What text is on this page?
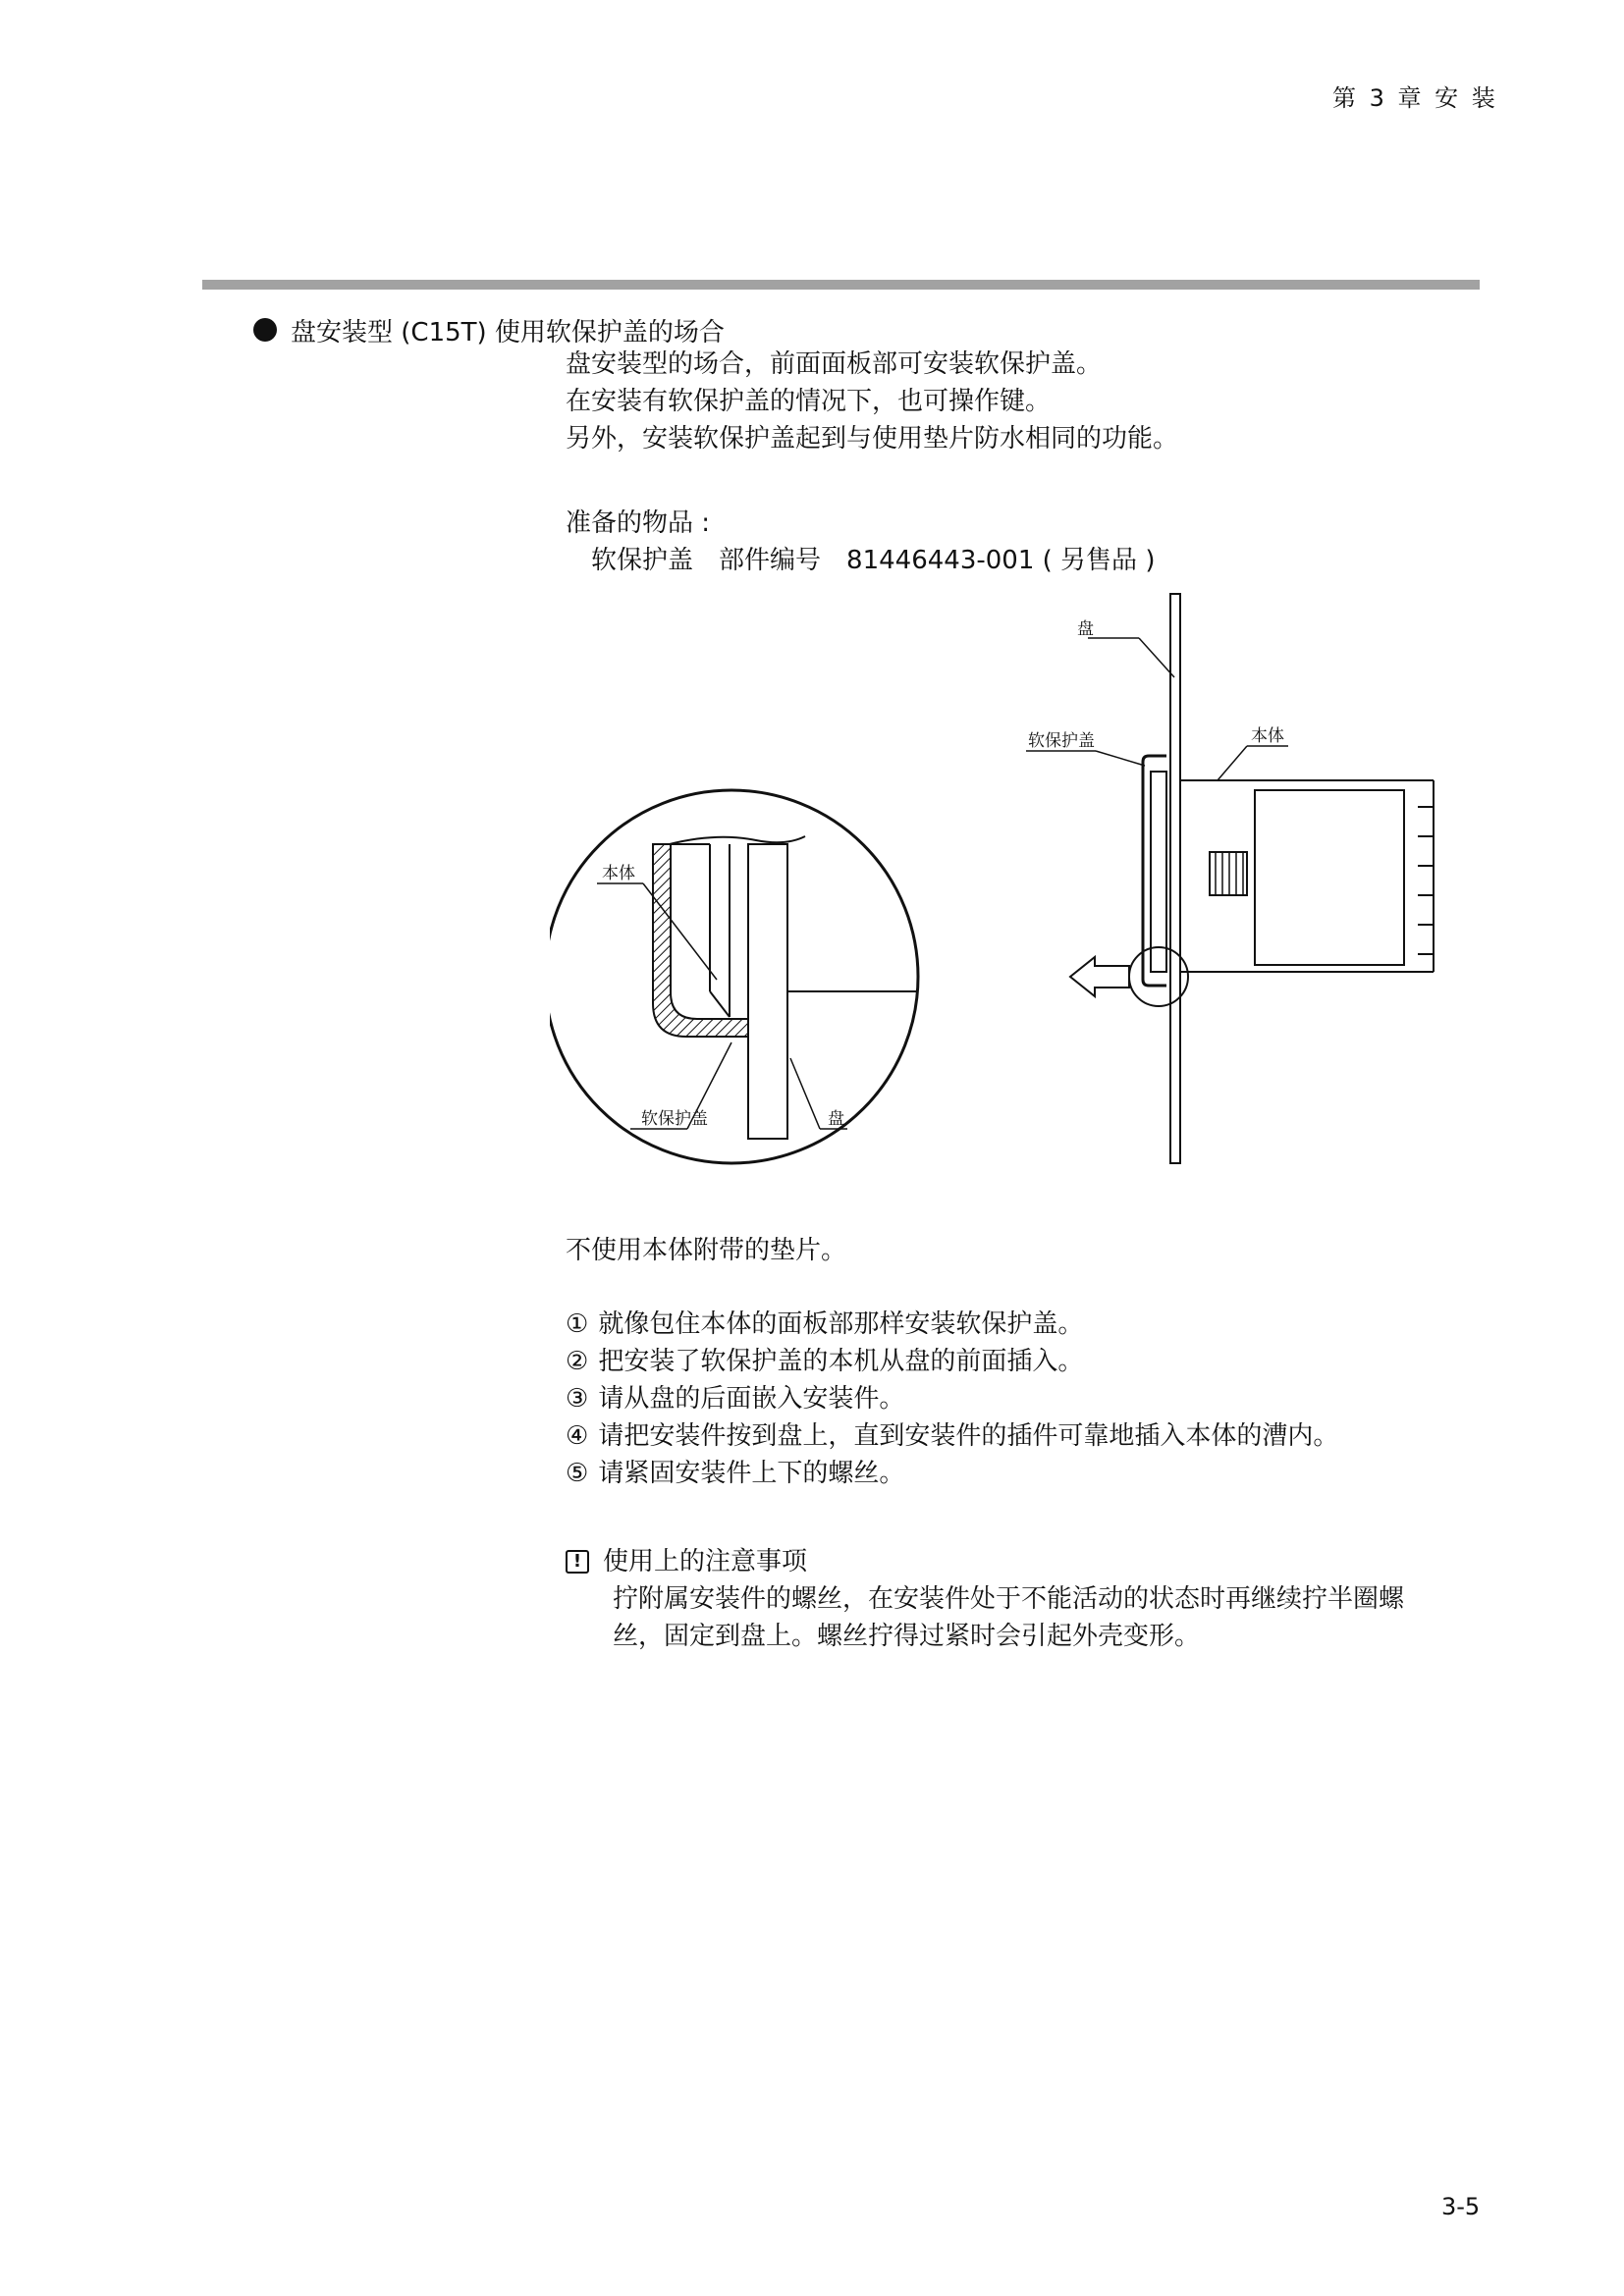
第 3 章 安 装
盘安装型 (C15T) 使用软保护盖的场合
盘安装型的场合，前面面板部可安装软保护盖。
在安装有软保护盖的情况下，也可操作键。
另外，安装软保护盖起到与使用垫片防水相同的功能。
准备的物品 :
软保护盖 部件编号 81446443-001 ( 另售品 )
盘
软保护盖	本体
本体
软保护盖	盘
不使用本体附带的垫片。
① 就像包住本体的面板部那样安装软保护盖。
② 把安装了软保护盖的本机从盘的前面插入。
③ 请从盘的后面嵌入安装件。
④ 请把安装件按到盘上，直到安装件的插件可靠地插入本体的漕内。
⑤ 请紧固安装件上下的螺丝。
! 使用上的注意事项
拧附属安装件的螺丝，在安装件处于不能活动的状态时再继续拧半圈螺
丝，固定到盘上。螺丝拧得过紧时会引起外壳变形。
3-5
